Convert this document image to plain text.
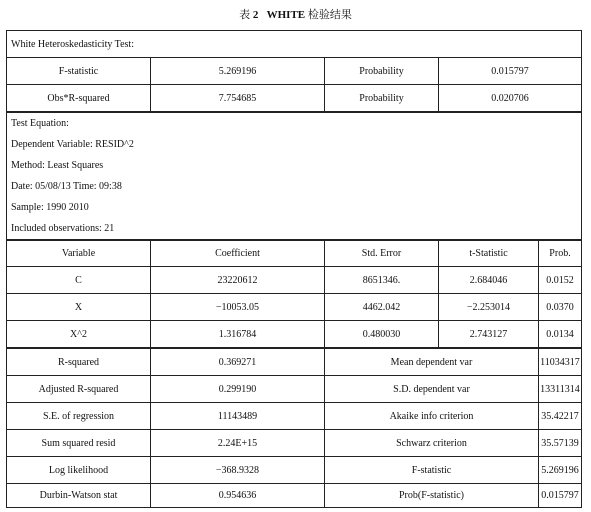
表 2 WHITE 检验结果
White Heteroskedasticity Test:
F-statistic	5.269196	Probability	0.015797
Obs*R-squared	7.754685	Probability	0.020706
Test Equation:
Dependent Variable: RESID^2
Method: Least Squares
Date: 05/08/13 Time: 09:38
Sample: 1990 2010
Included observations: 21
Variable	Coefficient	Std. Error	t-Statistic	Prob.
C	23220612	8651346.	2.684046	0.0152
X	−10053.05	4462.042	−2.253014	0.0370
X^2	1.316784	0.480030	2.743127	0.0134
R-squared	0.369271	Mean dependent var	11034317
Adjusted R-squared	0.299190	S.D. dependent var	13311314
S.E. of regression	11143489	Akaike info criterion	35.42217
Sum squared resid	2.24E+15	Schwarz criterion	35.57139
Log likelihood	−368.9328	F-statistic	5.269196
Durbin-Watson stat	0.954636	Prob(F-statistic)	0.015797
